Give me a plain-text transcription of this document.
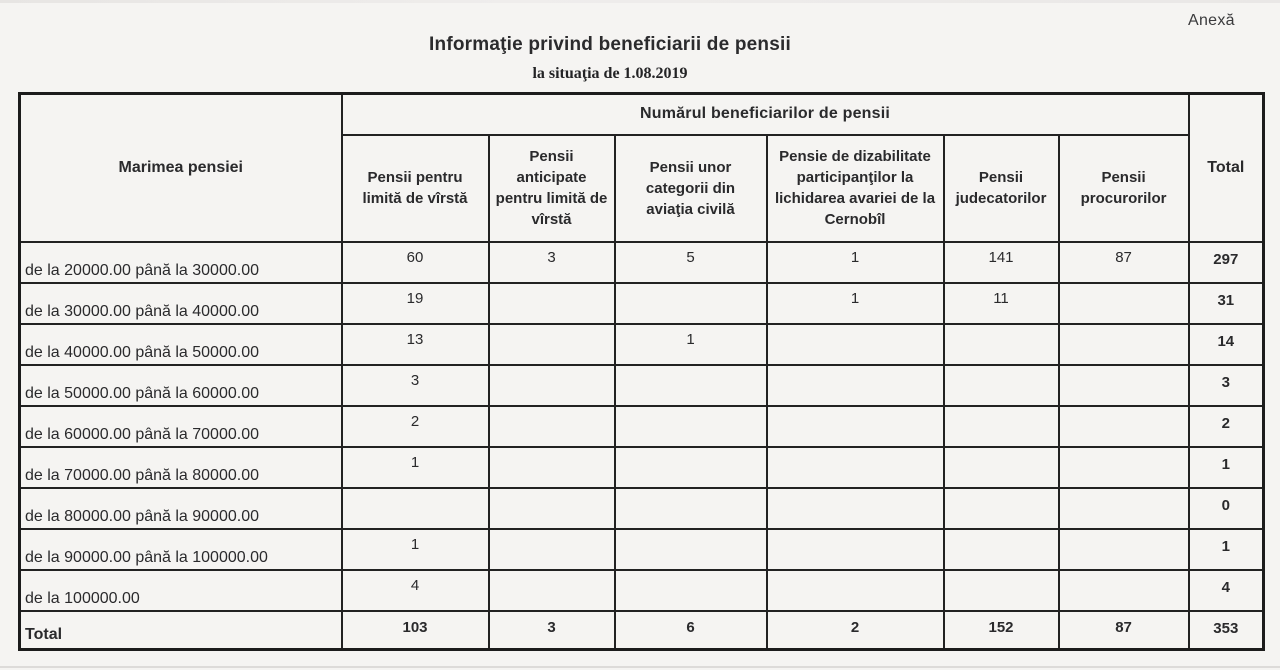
Anexă
Informaţie privind beneficiarii de pensii
la situaţia de 1.08.2019
Marimea pensiei	Numărul beneficiarilor de pensii						Total
	Pensii pentru limită de vîrstă	Pensii anticipate pentru limită de vîrstă	Pensii unor categorii din aviaţia civilă	Pensie de dizabilitate participanţilor la lichidarea avariei de la Cernobîl	Pensii judecatorilor	Pensii procurorilor	
de la 20000.00 până la 30000.00	60	3	5	1	141	87	297
de la 30000.00 până la 40000.00	19			1	11		31
de la 40000.00 până la 50000.00	13		1				14
de la 50000.00 până la 60000.00	3						3
de la 60000.00 până la 70000.00	2						2
de la 70000.00 până la 80000.00	1						1
de la 80000.00 până la 90000.00							0
de la 90000.00 până la 100000.00	1						1
de la 100000.00	4						4
Total	103	3	6	2	152	87	353
